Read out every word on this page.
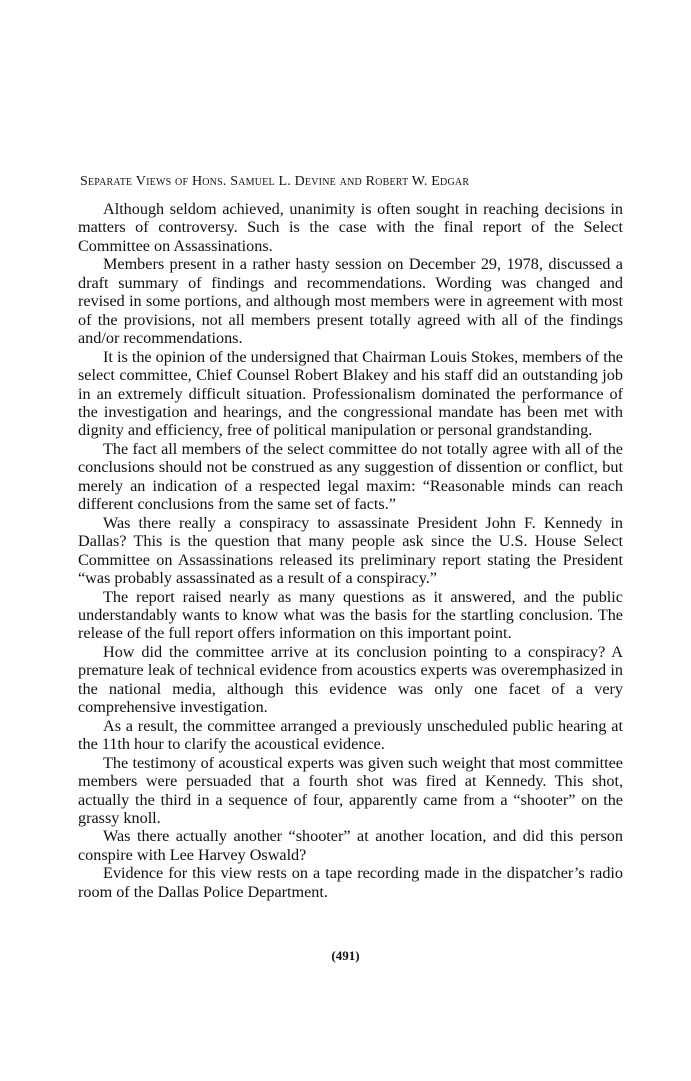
Separate Views of Hons. Samuel L. Devine and Robert W. Edgar

Although seldom achieved, unanimity is often sought in reaching decisions in matters of controversy. Such is the case with the final report of the Select Committee on Assassinations.

Members present in a rather hasty session on December 29, 1978, discussed a draft summary of findings and recommendations. Wording was changed and revised in some portions, and although most members were in agreement with most of the provisions, not all members present totally agreed with all of the findings and/or recommendations.

It is the opinion of the undersigned that Chairman Louis Stokes, members of the select committee, Chief Counsel Robert Blakey and his staff did an outstanding job in an extremely difficult situation. Professionalism dominated the performance of the investigation and hearings, and the congressional mandate has been met with dignity and efficiency, free of political manipulation or personal grandstanding.

The fact all members of the select committee do not totally agree with all of the conclusions should not be construed as any suggestion of dissention or conflict, but merely an indication of a respected legal maxim: “Reasonable minds can reach different conclusions from the same set of facts.”

Was there really a conspiracy to assassinate President John F. Kennedy in Dallas? This is the question that many people ask since the U.S. House Select Committee on Assassinations released its preliminary report stating the President “was probably assassinated as a result of a conspiracy.”

The report raised nearly as many questions as it answered, and the public understandably wants to know what was the basis for the startling conclusion. The release of the full report offers information on this important point.

How did the committee arrive at its conclusion pointing to a conspiracy? A premature leak of technical evidence from acoustics experts was overemphasized in the national media, although this evidence was only one facet of a very comprehensive investigation.

As a result, the committee arranged a previously unscheduled public hearing at the 11th hour to clarify the acoustical evidence.

The testimony of acoustical experts was given such weight that most committee members were persuaded that a fourth shot was fired at Kennedy. This shot, actually the third in a sequence of four, apparently came from a “shooter” on the grassy knoll.

Was there actually another “shooter” at another location, and did this person conspire with Lee Harvey Oswald?

Evidence for this view rests on a tape recording made in the dispatcher’s radio room of the Dallas Police Department.

(491)
